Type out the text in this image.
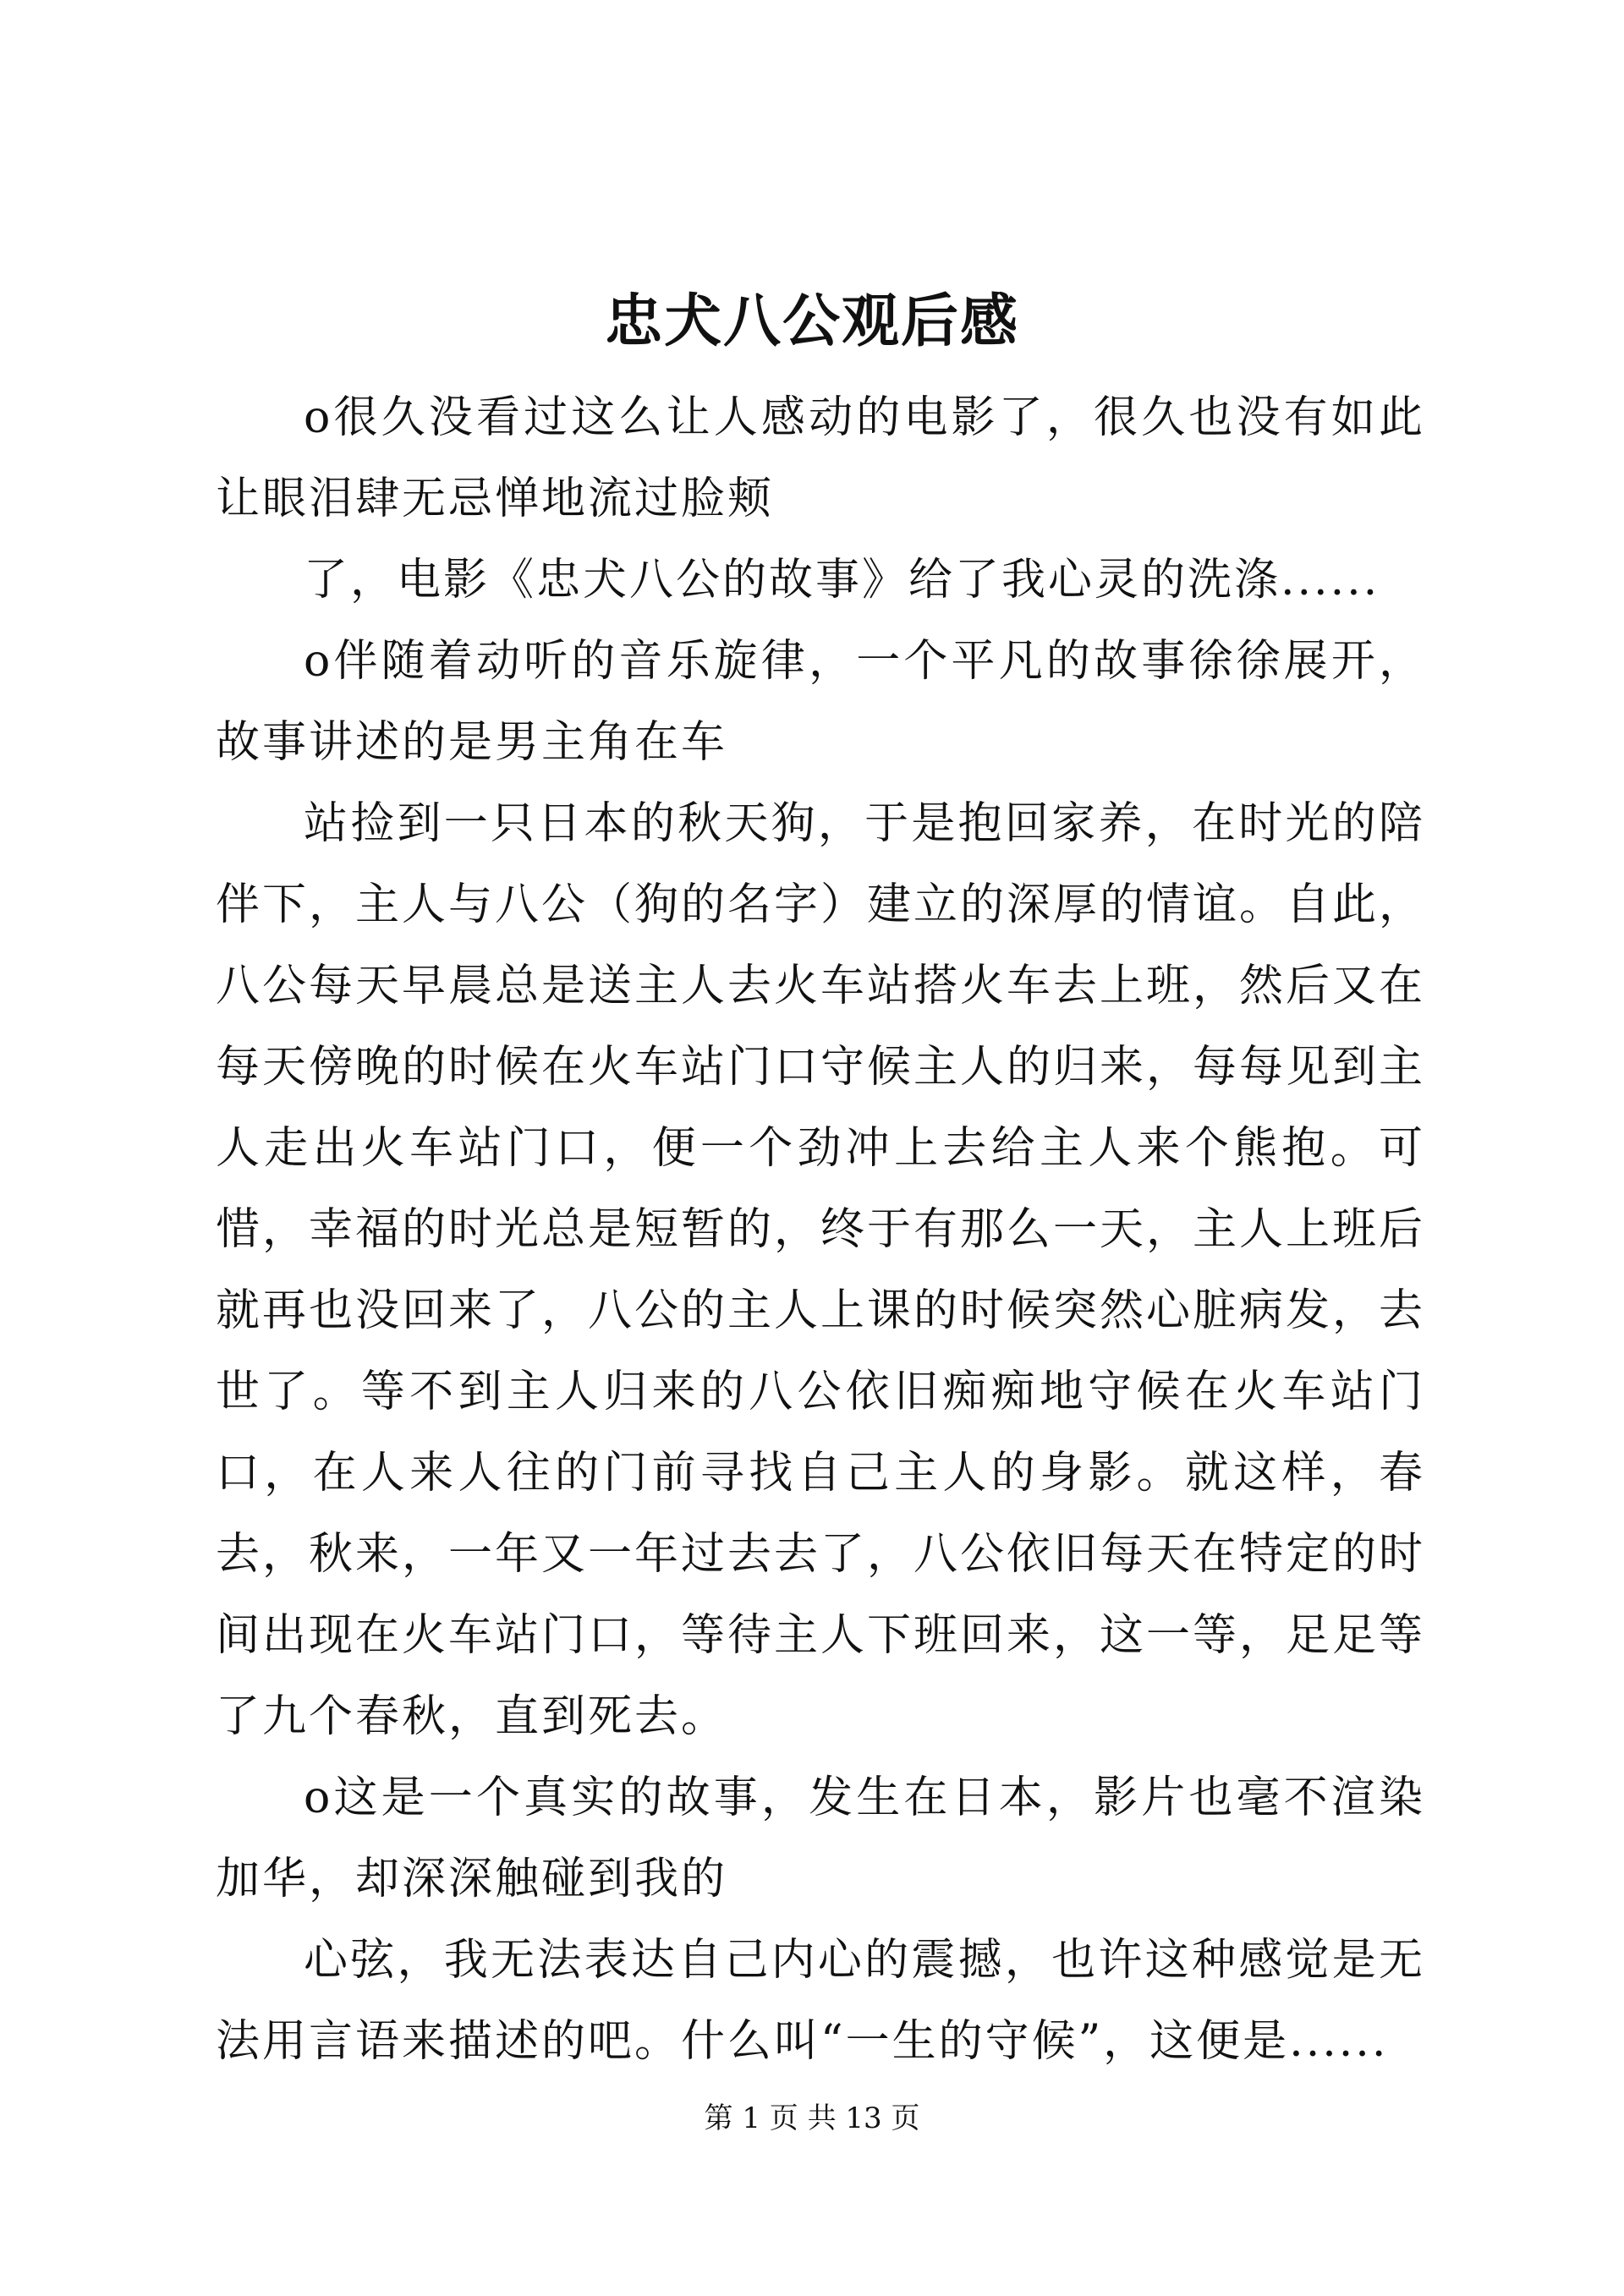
忠犬八公观后感

o很久没看过这么让人感动的电影了，很久也没有如此让眼泪肆无忌惮地流过脸颊

了，电影《忠犬八公的故事》给了我心灵的洗涤......

o伴随着动听的音乐旋律，一个平凡的故事徐徐展开，故事讲述的是男主角在车

站捡到一只日本的秋天狗，于是抱回家养，在时光的陪伴下，主人与八公（狗的名字）建立的深厚的情谊。自此，八公每天早晨总是送主人去火车站搭火车去上班，然后又在每天傍晚的时候在火车站门口守候主人的归来，每每见到主人走出火车站门口，便一个劲冲上去给主人来个熊抱。可惜，幸福的时光总是短暂的，终于有那么一天，主人上班后就再也没回来了，八公的主人上课的时候突然心脏病发，去世了。等不到主人归来的八公依旧痴痴地守候在火车站门口，在人来人往的门前寻找自己主人的身影。就这样，春去，秋来，一年又一年过去去了，八公依旧每天在特定的时间出现在火车站门口，等待主人下班回来，这一等，足足等了九个春秋，直到死去。

o这是一个真实的故事，发生在日本，影片也毫不渲染加华，却深深触碰到我的

心弦，我无法表达自己内心的震撼，也许这种感觉是无法用言语来描述的吧。什么叫“一生的守候”，这便是......

第 1 页 共 13 页
